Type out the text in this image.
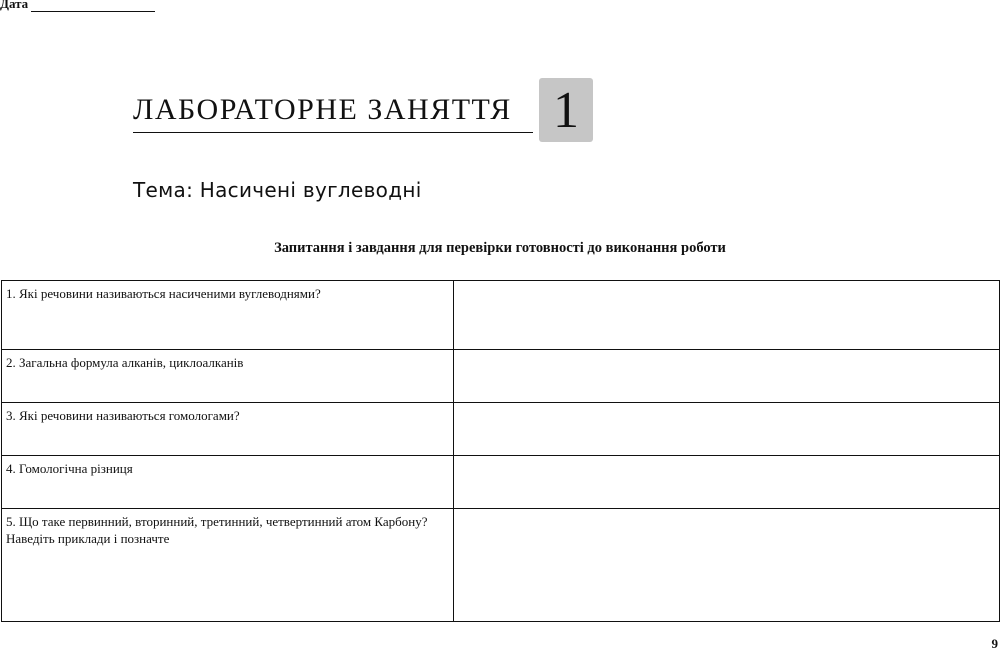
Дата
ЛАБОРАТОРНЕ ЗАНЯТТЯ 1
Тема: Насичені вуглеводні
Запитання і завдання для перевірки готовності до виконання роботи
1. Які речовини називаються насиченими вуглеводнями?	
2. Загальна формула алканів, циклоалканів	

3. Які речовини називаються гомологами?	
4. Гомологічна різниця	
5. Що таке первинний, вторинний, третинний, четвертинний атом Карбону? Наведіть приклади і позначте	
9
